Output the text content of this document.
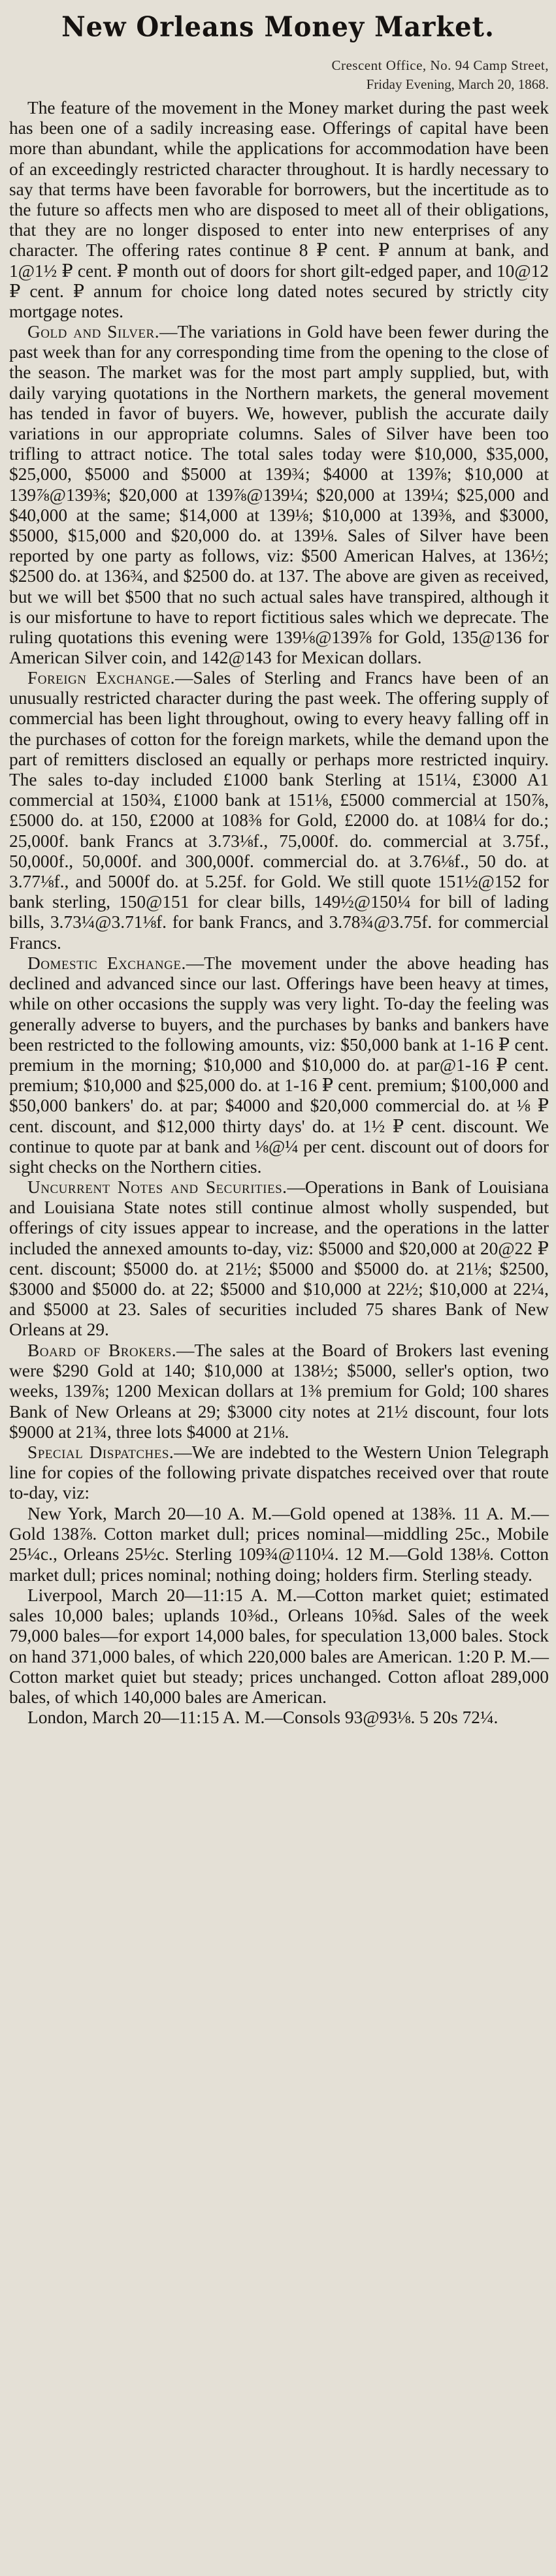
New Orleans Money Market.
Crescent Office, No. 94 Camp Street,
Friday Evening, March 20, 1868.

The feature of the movement in the Money market during the past week has been one of a sadily increasing ease. Offerings of capital have been more than abundant, while the applications for accommodation have been of an exceedingly restricted character throughout. It is hardly necessary to say that terms have been favorable for borrowers, but the incertitude as to the future so affects men who are disposed to meet all of their obligations, that they are no longer disposed to enter into new enterprises of any character. The offering rates continue 8 ₽ cent. ₽ annum at bank, and 1@1½ ₽ cent. ₽ month out of doors for short gilt-edged paper, and 10@12 ₽ cent. ₽ annum for choice long dated notes secured by strictly city mortgage notes.

Gold and Silver.—The variations in Gold have been fewer during the past week than for any corresponding time from the opening to the close of the season. The market was for the most part amply supplied, but, with daily varying quotations in the Northern markets, the general movement has tended in favor of buyers. We, however, publish the accurate daily variations in our appropriate columns. Sales of Silver have been too trifling to attract notice. The total sales today were $10,000, $35,000, $25,000, $5000 and $5000 at 139¾; $4000 at 139⅞; $10,000 at 139⅞@139⅜; $20,000 at 139⅞@139¼; $20,000 at 139¼; $25,000 and $40,000 at the same; $14,000 at 139⅛; $10,000 at 139⅜, and $3000, $5000, $15,000 and $20,000 do. at 139⅛. Sales of Silver have been reported by one party as follows, viz: $500 American Halves, at 136½; $2500 do. at 136¾, and $2500 do. at 137. The above are given as received, but we will bet $500 that no such actual sales have transpired, although it is our misfortune to have to report fictitious sales which we deprecate. The ruling quotations this evening were 139⅛@139⅞ for Gold, 135@136 for American Silver coin, and 142@143 for Mexican dollars.

Foreign Exchange.—Sales of Sterling and Francs have been of an unusually restricted character during the past week. The offering supply of commercial has been light throughout, owing to every heavy falling off in the purchases of cotton for the foreign markets, while the demand upon the part of remitters disclosed an equally or perhaps more restricted inquiry. The sales to-day included £1000 bank Sterling at 151¼, £3000 A1 commercial at 150¾, £1000 bank at 151⅛, £5000 commercial at 150⅞, £5000 do. at 150, £2000 at 108⅜ for Gold, £2000 do. at 108¼ for do.; 25,000f. bank Francs at 3.73⅛f., 75,000f. do. commercial at 3.75f., 50,000f., 50,000f. and 300,000f. commercial do. at 3.76⅛f., 50 do. at 3.77⅛f., and 5000f do. at 5.25f. for Gold. We still quote 151½@152 for bank sterling, 150@151 for clear bills, 149½@150¼ for bill of lading bills, 3.73¼@3.71⅛f. for bank Francs, and 3.78¾@3.75f. for commercial Francs.

Domestic Exchange.—The movement under the above heading has declined and advanced since our last. Offerings have been heavy at times, while on other occasions the supply was very light. To-day the feeling was generally adverse to buyers, and the purchases by banks and bankers have been restricted to the following amounts, viz: $50,000 bank at 1-16 ₽ cent. premium in the morning; $10,000 and $10,000 do. at par@1-16 ₽ cent. premium; $10,000 and $25,000 do. at 1-16 ₽ cent. premium; $100,000 and $50,000 bankers' do. at par; $4000 and $20,000 commercial do. at ⅛ ₽ cent. discount, and $12,000 thirty days' do. at 1½ ₽ cent. discount. We continue to quote par at bank and ⅛@¼ per cent. discount out of doors for sight checks on the Northern cities.

Uncurrent Notes and Securities.—Operations in Bank of Louisiana and Louisiana State notes still continue almost wholly suspended, but offerings of city issues appear to increase, and the operations in the latter included the annexed amounts to-day, viz: $5000 and $20,000 at 20@22 ₽ cent. discount; $5000 do. at 21½; $5000 and $5000 do. at 21⅛; $2500, $3000 and $5000 do. at 22; $5000 and $10,000 at 22½; $10,000 at 22¼, and $5000 at 23. Sales of securities included 75 shares Bank of New Orleans at 29.

Board of Brokers.—The sales at the Board of Brokers last evening were $290 Gold at 140; $10,000 at 138½; $5000, seller's option, two weeks, 139⅞; 1200 Mexican dollars at 1⅜ premium for Gold; 100 shares Bank of New Orleans at 29; $3000 city notes at 21½ discount, four lots $9000 at 21¾, three lots $4000 at 21⅛.

Special Dispatches.—We are indebted to the Western Union Telegraph line for copies of the following private dispatches received over that route to-day, viz:

New York, March 20—10 A. M.—Gold opened at 138⅜. 11 A. M.—Gold 138⅞. Cotton market dull; prices nominal—middling 25c., Mobile 25¼c., Orleans 25½c. Sterling 109¾@110¼. 12 M.—Gold 138⅛. Cotton market dull; prices nominal; nothing doing; holders firm. Sterling steady.

Liverpool, March 20—11:15 A. M.—Cotton market quiet; estimated sales 10,000 bales; uplands 10⅜d., Orleans 10⅝d. Sales of the week 79,000 bales—for export 14,000 bales, for speculation 13,000 bales. Stock on hand 371,000 bales, of which 220,000 bales are American. 1:20 P. M.—Cotton market quiet but steady; prices unchanged. Cotton afloat 289,000 bales, of which 140,000 bales are American.

London, March 20—11:15 A. M.—Consols 93@93⅛. 5 20s 72¼.
